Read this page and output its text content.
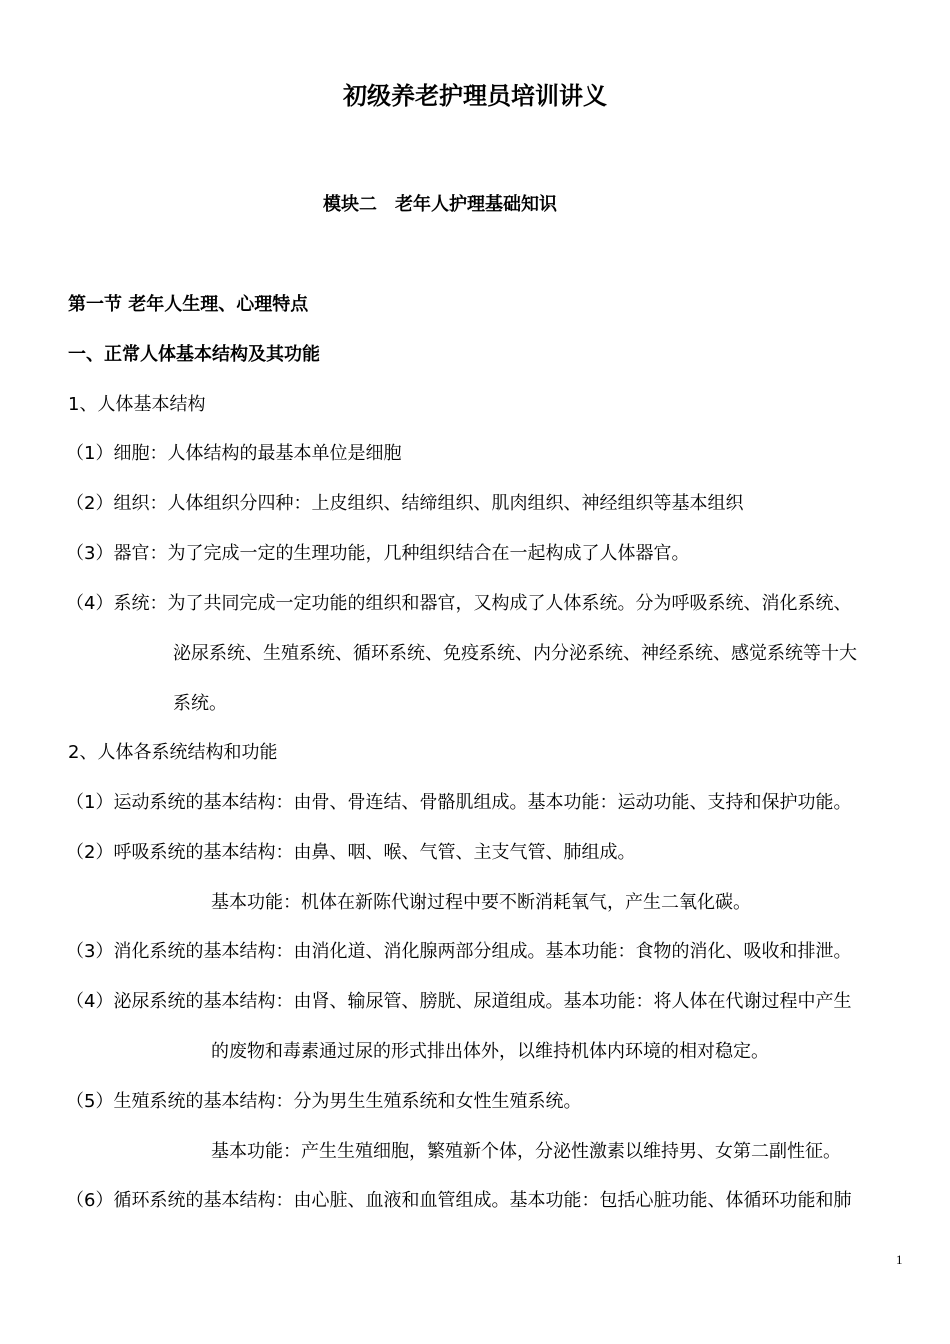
初级养老护理员培训讲义
模块二　老年人护理基础知识
第一节 老年人生理、心理特点
一、正常人体基本结构及其功能
1、人体基本结构
（1）细胞：人体结构的最基本单位是细胞
（2）组织：人体组织分四种：上皮组织、结缔组织、肌肉组织、神经组织等基本组织
（3）器官：为了完成一定的生理功能，几种组织结合在一起构成了人体器官。
（4）系统：为了共同完成一定功能的组织和器官，又构成了人体系统。分为呼吸系统、消化系统、
泌尿系统、生殖系统、循环系统、免疫系统、内分泌系统、神经系统、感觉系统等十大
系统。
2、人体各系统结构和功能
（1）运动系统的基本结构：由骨、骨连结、骨骼肌组成。基本功能：运动功能、支持和保护功能。
（2）呼吸系统的基本结构：由鼻、咽、喉、气管、主支气管、肺组成。
基本功能：机体在新陈代谢过程中要不断消耗氧气，产生二氧化碳。
（3）消化系统的基本结构：由消化道、消化腺两部分组成。基本功能：食物的消化、吸收和排泄。
（4）泌尿系统的基本结构：由肾、输尿管、膀胱、尿道组成。基本功能：将人体在代谢过程中产生
的废物和毒素通过尿的形式排出体外，以维持机体内环境的相对稳定。
（5）生殖系统的基本结构：分为男生生殖系统和女性生殖系统。
基本功能：产生生殖细胞，繁殖新个体，分泌性激素以维持男、女第二副性征。
（6）循环系统的基本结构：由心脏、血液和血管组成。基本功能：包括心脏功能、体循环功能和肺
1
